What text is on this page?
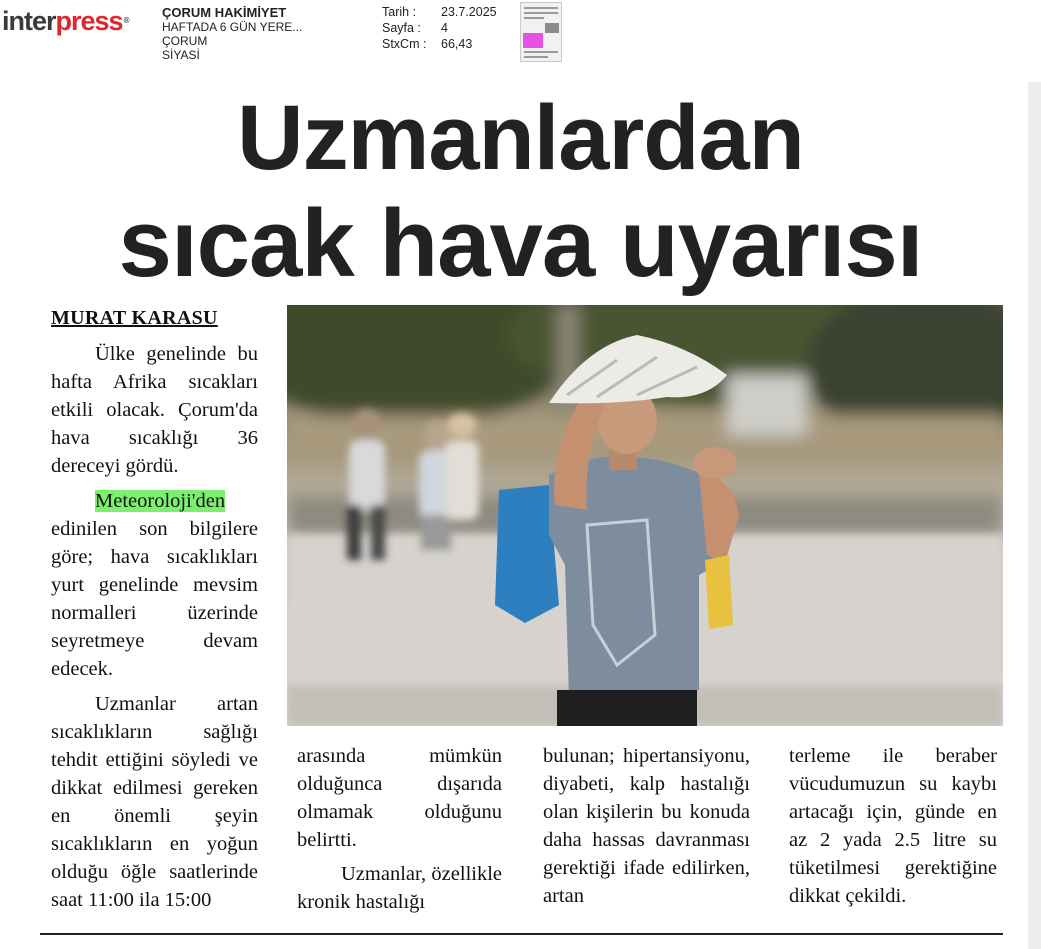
interpress®
ÇORUM HAKİMİYET
HAFTADA 6 GÜN YERE...
ÇORUM
SİYASİ
Tarih :	23.7.2025
Sayfa :	4
StxCm :	66,43
Uzmanlardan
sıcak hava uyarısı
MURAT KARASU

Ülke genelinde bu hafta Afrika sıcakları etkili olacak. Çorum'da hava sıcaklığı 36 dereceyi gördü.

Meteoroloji'den edinilen son bilgilere göre; hava sıcaklıkları yurt genelinde mevsim normalleri üzerinde seyretmeye devam edecek.

Uzmanlar artan sıcaklıkların sağlığı tehdit ettiğini söyledi ve dikkat edilmesi gereken en önemli şeyin sıcaklıkların en yoğun olduğu öğle saatlerinde saat 11:00 ila 15:00

arasında mümkün olduğunca dışarıda olmamak olduğunu belirtti.

Uzmanlar, özellikle kronik hastalığı

bulunan; hipertansiyonu, diyabeti, kalp hastalığı olan kişilerin bu konuda daha hassas davranması gerektiği ifade edilirken, artan

terleme ile beraber vücudumuzun su kaybı artacağı için, günde en az 2 yada 2.5 litre su tüketilmesi gerektiğine dikkat çekildi.
